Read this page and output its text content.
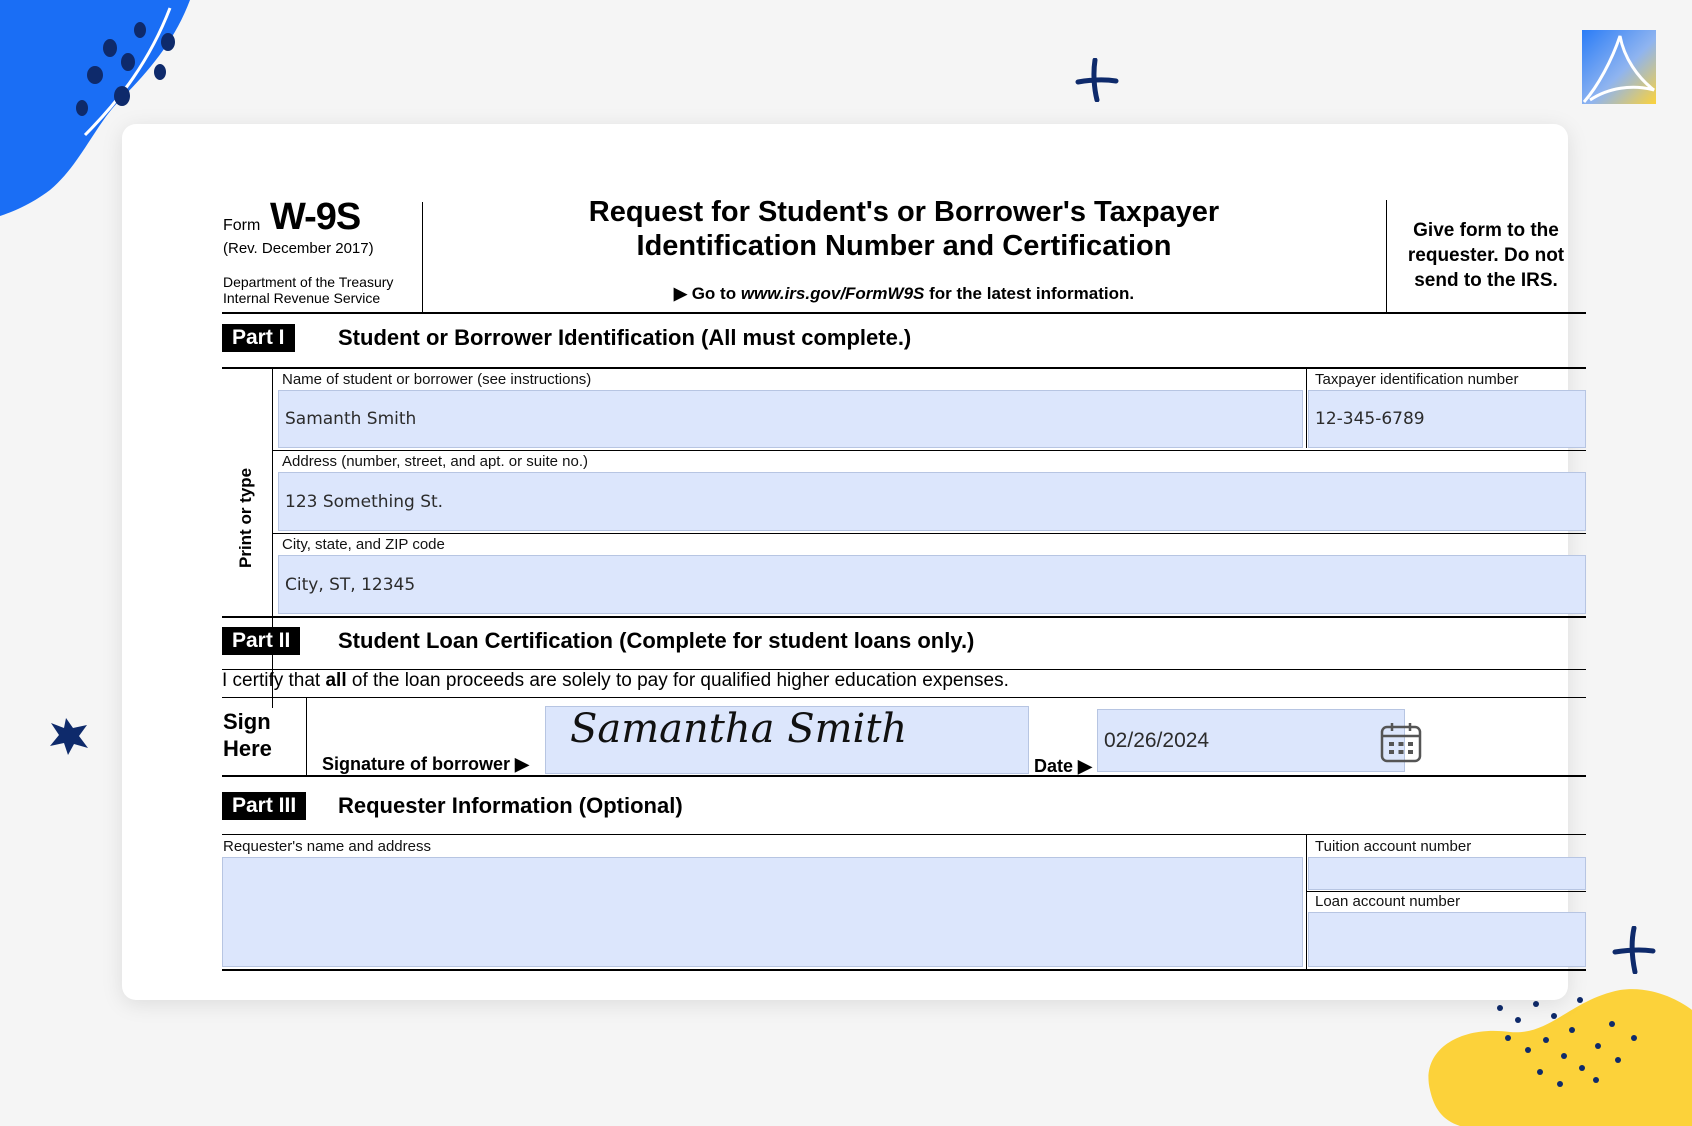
Form W-9S
(Rev. December 2017)
Department of the Treasury
Internal Revenue Service
Request for Student's or Borrower's Taxpayer
Identification Number and Certification
▶ Go to www.irs.gov/FormW9S for the latest information.
Give form to the
requester. Do not
send to the IRS.
Part I	Student or Borrower Identification (All must complete.)
Print or type
Name of student or borrower (see instructions)	Taxpayer identification number
Samanth Smith	12-345-6789
Address (number, street, and apt. or suite no.)
123 Something St.
City, state, and ZIP code
City, ST, 12345
Part II	Student Loan Certification (Complete for student loans only.)
I certify that all of the loan proceeds are solely to pay for qualified higher education expenses.
Sign
Here
Signature of borrower ▶
Samantha Smith
Date ▶
02/26/2024
Part III	Requester Information (Optional)
Requester's name and address	Tuition account number
Loan account number
